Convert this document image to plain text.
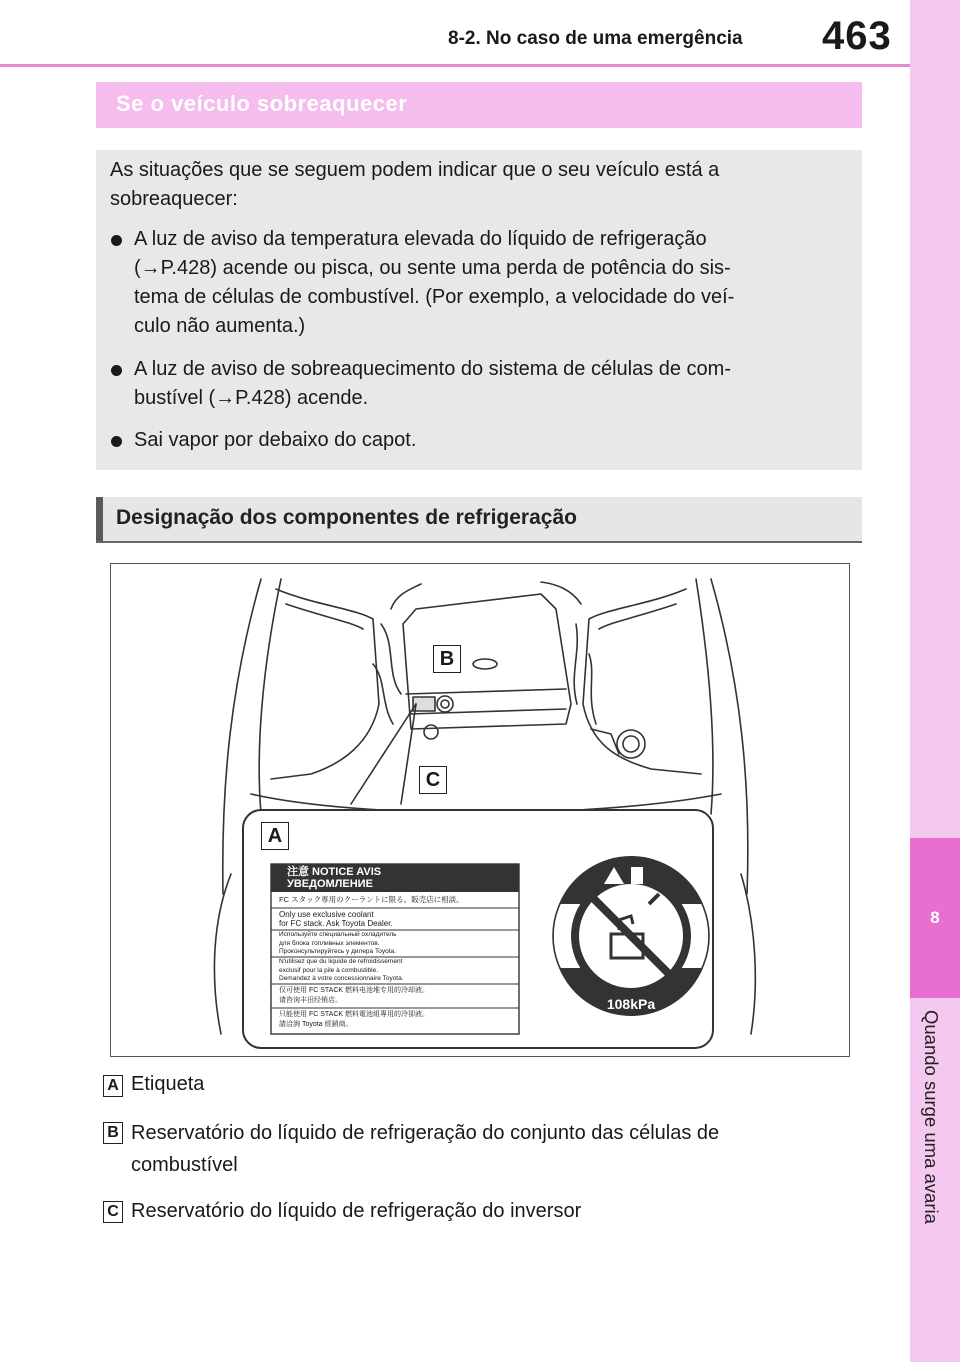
8-2. No caso de uma emergência 463
8
Quando surge uma avaria
Se o veículo sobreaquecer
As situações que se seguem podem indicar que o seu veículo está a
sobreaquecer:
A luz de aviso da temperatura elevada do líquido de refrigeração
(→P.428) acende ou pisca, ou sente uma perda de potência do sis-
tema de células de combustível. (Por exemplo, a velocidade do veí-
culo não aumenta.)
A luz de aviso de sobreaquecimento do sistema de células de com-
bustível (→P.428) acende.
Sai vapor por debaixo do capot.
Designação dos componentes de refrigeração
B
C
A
注意 NOTICE AVIS
УВЕДОМЛЕНИЕ
FC スタック専用のクーラントに限る。販売店に相談。
Only use exclusive coolant
for FC stack. Ask Toyota Dealer.
Используйте специальный охладитель
для блока топливных элементов.
Проконсультируйтесь у дилера Toyota.
N'utilisez que du liquide de refroidissement
exclusif pour la pile à combustible.
Demandez à votre concessionnaire Toyota.
仅可使用 FC STACK 燃料电池堆专用的冷却液。
请咨询丰田经销店。
只能使用 FC STACK 燃料電池組專用的冷卻液。
請洽詢 Toyota 經銷商。
108kPa
A Etiqueta
B Reservatório do líquido de refrigeração do conjunto das células de
combustível
C Reservatório do líquido de refrigeração do inversor
